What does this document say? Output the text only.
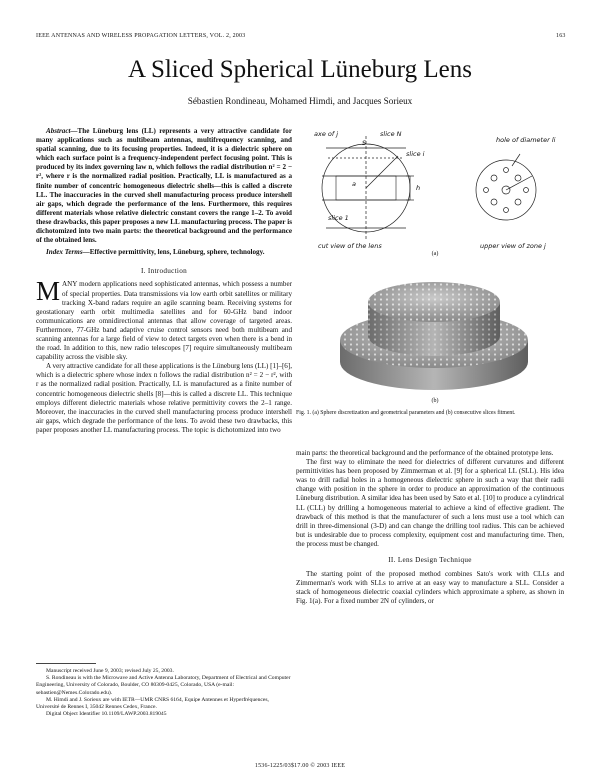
IEEE ANTENNAS AND WIRELESS PROPAGATION LETTERS, VOL. 2, 2003	163
A Sliced Spherical Lüneburg Lens
Sébastien Rondineau, Mohamed Himdi, and Jacques Sorieux

Abstract—The Lüneburg lens (LL) represents a very attractive candidate for many applications such as multibeam antennas, multifrequency scanning, and spatial scanning, due to its focusing properties. Indeed, it is a dielectric sphere on which each surface point is a frequency-independent perfect focusing point. This is produced by its index governing law n, which follows the radial distribution n² = 2 − r², where r is the normalized radial position. Practically, LL is manufactured as a finite number of concentric homogeneous dielectric shells—this is called a discrete LL. The inaccuracies in the curved shell manufacturing process produce intershell air gaps, which degrade the performance of the lens. Furthermore, this requires different materials whose relative dielectric constant covers the range 1–2. To avoid these drawbacks, this paper proposes a new LL manufacturing process. The paper is dichotomized into two main parts: the theoretical background and the performance of the obtained lens.

Index Terms—Effective permittivity, lens, Lüneburg, sphere, technology.

I. Introduction

MANY modern applications need sophisticated antennas, which possess a number of special properties. Data transmissions via low earth orbit satellites or military tracking X-band radars require an agile scanning beam. Receiving systems for geostationary earth orbit multimedia satellites and for 60-GHz band indoor communications are omnidirectional antennas that allow coverage of targeted areas. Furthermore, 77-GHz band adaptive cruise control sensors need both multibeam and scanning antennas for a large field of view to detect targets even when there is a bend in the road. In addition to this, new radio telescopes [7] require simultaneously multibeam capability across the visible sky.

A very attractive candidate for all these applications is the Lüneburg lens (LL) [1]–[6], which is a dielectric sphere whose index n follows the radial distribution n² = 2 − r², with r as the normalized radial position. Practically, LL is manufactured as a finite number of concentric homogeneous dielectric shells [8]—this is called a discrete LL. This technique employs different dielectric materials whose relative permittivity covers the 2–1 range. Moreover, the inaccuracies in the curved shell manufacturing process produce intershell air gaps, which degrade the performance of the lens. To avoid these two drawbacks, this paper proposes another LL manufacturing process. The topic is dichotomized into two

Manuscript received June 9, 2003; revised July 25, 2003.

S. Rondineau is with the Microwave and Active Antenna Laboratory, Department of Electrical and Computer Engineering, University of Colorado, Boulder, CO 80309-0425, Colorado, USA (e-mail: sebastien@Nemes.Colorado.edu).

M. Himdi and J. Sorieux are with IETR—UMR CNRS 6164, Equipe Antennes et Hyperfréquences, Université de Rennes I, 35042 Rennes Cedex, France.

Digital Object Identifier 10.1109/LAWP.2003.819045

axe of j	slice N
slice i
slice 1
S
h
a
cut view of the lens
hole of diameter li
upper view of zone j
(a)
(b)
Fig. 1. (a) Sphere discretization and geometrical parameters and (b) consecutive slices fitment.

main parts: the theoretical background and the performance of the obtained prototype lens.

The first way to eliminate the need for dielectrics of different curvatures and different permittivities has been proposed by Zimmerman et al. [9] for a spherical LL (SLL). His idea was to drill radial holes in a homogeneous dielectric sphere in such a way that their radii change with position in the sphere in order to produce an approximation of the continuous Lüneburg distribution. A similar idea has been used by Sato et al. [10] to produce a cylindrical LL (CLL) by drilling a homogeneous material to achieve a kind of effective gradient. The drawback of this method is that the manufacturer of such a lens must use a tool which can drill in three-dimensional (3-D) and can change the drilling tool radius. This can be achieved but is undesirable due to process complexity, equipment cost and manufacturing time. Then, the process must be changed.

II. Lens Design Technique

The starting point of the proposed method combines Sato's work with CLLs and Zimmerman's work with SLLs to arrive at an easy way to manufacture a SLL. Consider a stack of homogeneous dielectric coaxial cylinders which approximate a sphere, as shown in Fig. 1(a). For a fixed number 2N of cylinders, or

1536-1225/03$17.00 © 2003 IEEE
